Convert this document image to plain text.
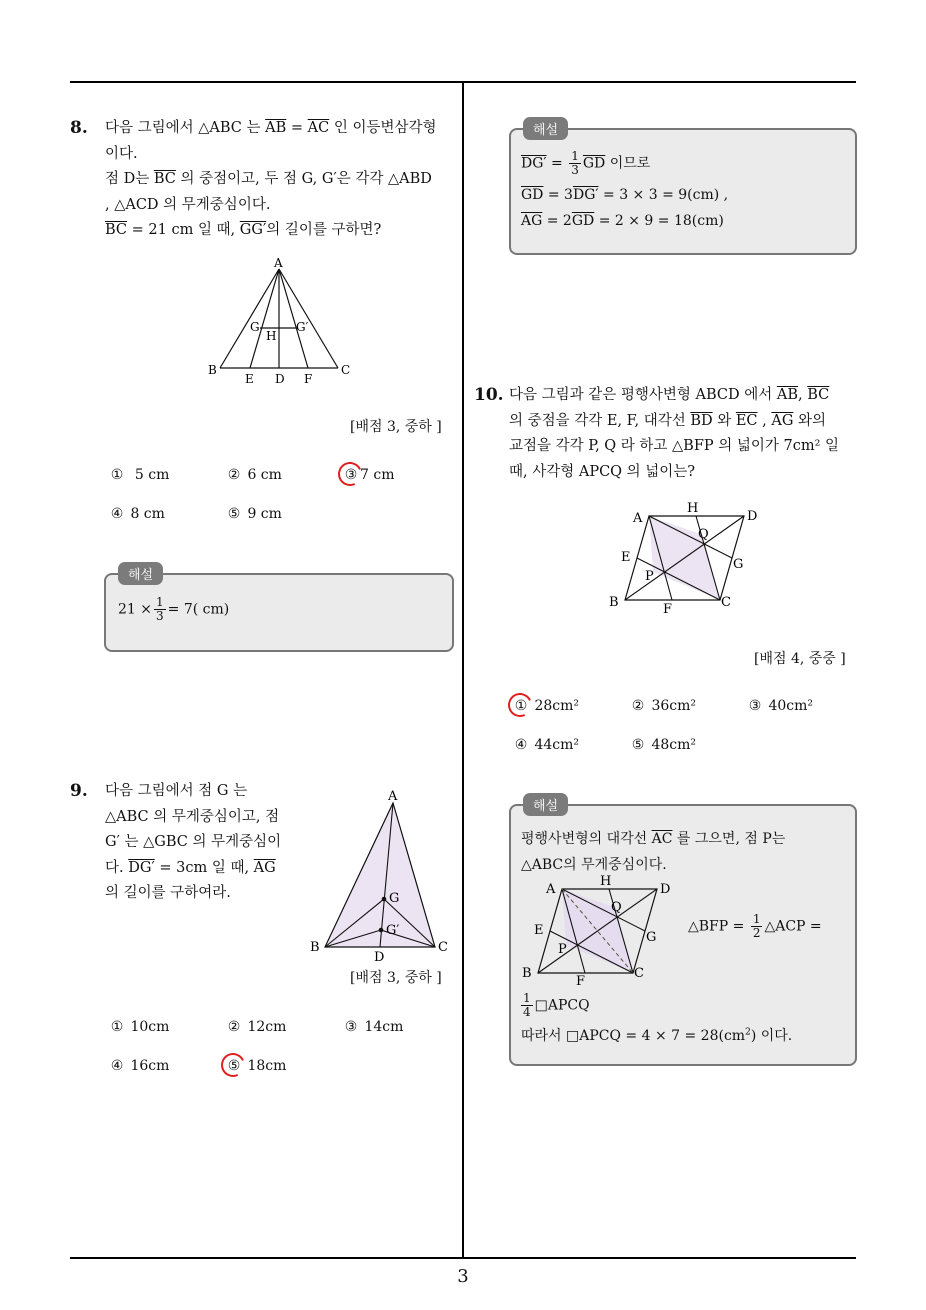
3
8. 다음 그림에서 △ABC 는 $\overline{AB} = \overline{AC}$ 인 이등변삼각형

이다.

점 D는 $\overline{BC}$ 의 중점이고, 두 점 G, G′은 각각 △ABD

, △ACD 의 무게중심이다.

$\overline{BC} = 21$ cm 일 때, GG′의 길이를 구하면?

A
B	C
E D F
G	G′
H
[배점 3, 중하 ]
① 5 cm	② 6 cm	③ 7 cm
④ 8 cm	⑤ 9 cm
해설
$21 \times \frac{1}{3} = 7$( cm)
9. 다음 그림에서 점 G 는

△ABC 의 무게중심이고, 점

G′ 는 △GBC 의 무게중심이

다. DG′ = 3cm 일 때, $\overline{AG}$

의 길이를 구하여라.

A
B	C
D
G
G′
[배점 3, 중하 ]
① 10cm	② 12cm	③ 14cm
④ 16cm	⑤ 18cm
해설
$DG' = \frac{1}{3} \overline{GD}$ 이므로
$\overline{GD} = 3DG' = 3 \times 3 = 9(cm)$ ,
$\overline{AG} = 2\overline{GD} = 2 \times 9 = 18(cm)$
10. 다음 그림과 같은 평행사변형 ABCD 에서 $\overline{AB}$, $\overline{BC}$

의 중점을 각각 E, F, 대각선 $\overline{BD}$ 와 $\overline{EC}$ , $\overline{AG}$ 와의

교점을 각각 P, Q 라 하고 △BFP 의 넓이가 7cm² 일

때, 사각형 APCQ 의 넓이는?

A
H
D
Q
E	G
P
B	C
F
[배점 4, 중중 ]
① 28cm²	② 36cm²	③ 40cm²
④ 44cm²	⑤ 48cm²
해설
평행사변형의 대각선 $\overline{AC}$ 를 그으면, 점 P는
△ABC의 무게중심이다.
A
H
D
Q
E	G
P
B	C
F
△BFP = $\frac{1}{2}$ △ACP =
$\frac{1}{4}$ □APCQ
따라서 □APCQ = $4 \times 7 = 28(cm^2)$ 이다.
